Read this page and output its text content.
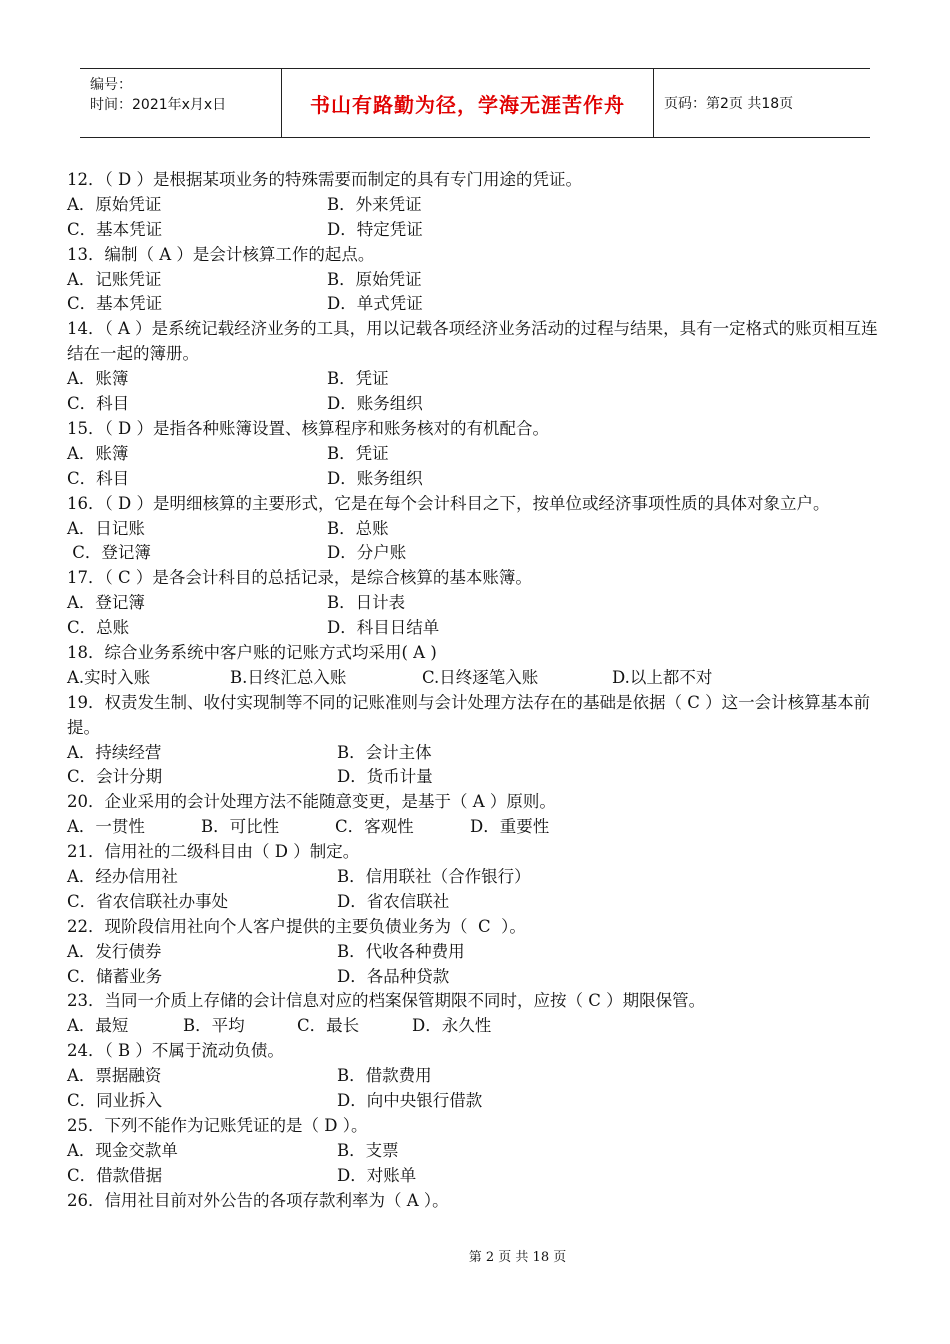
编号：
时间：2021年x月x日	书山有路勤为径，学海无涯苦作舟	页码：第2页 共18页
12．（ D ）是根据某项业务的特殊需要而制定的具有专门用途的凭证。
A．原始凭证	B．外来凭证
C．基本凭证	D．特定凭证
13．编制（ A ）是会计核算工作的起点。
A．记账凭证	B．原始凭证
C．基本凭证	D．单式凭证
14．（ A ）是系统记载经济业务的工具，用以记载各项经济业务活动的过程与结果，具有一定格式的账页相互连结在一起的簿册。
A．账簿	B．凭证
C．科目	D．账务组织
15．（ D ）是指各种账簿设置、核算程序和账务核对的有机配合。
A．账簿	B．凭证
C．科目	D．账务组织
16．（ D ）是明细核算的主要形式，它是在每个会计科目之下，按单位或经济事项性质的具体对象立户。
A．日记账	B．总账
C．登记簿	D．分户账
17．（ C ）是各会计科目的总括记录，是综合核算的基本账簿。
A．登记簿	B．日计表
C．总账	D．科目日结单
18．综合业务系统中客户账的记账方式均采用( A )
A.实时入账	B.日终汇总入账	C.日终逐笔入账	D.以上都不对
19．权责发生制、收付实现制等不同的记账准则与会计处理方法存在的基础是依据（ C ）这一会计核算基本前提。
A．持续经营	B．会计主体
C．会计分期	D．货币计量
20．企业采用的会计处理方法不能随意变更，是基于（ A ）原则。
A．一贯性	B．可比性	C．客观性	D．重要性
21．信用社的二级科目由（ D ）制定。
A．经办信用社	B．信用联社（合作银行）
C．省农信联社办事处	D．省农信联社
22．现阶段信用社向个人客户提供的主要负债业务为（  C  ）。
A．发行债券	B．代收各种费用
C．储蓄业务	D．各品种贷款
23．当同一介质上存储的会计信息对应的档案保管期限不同时，应按（ C ）期限保管。
A．最短	B．平均	C．最长	D．永久性
24．（ B ）不属于流动负债。
A．票据融资	B．借款费用
C．同业拆入	D．向中央银行借款
25．下列不能作为记账凭证的是（ D ）。
A．现金交款单	B．支票
C．借款借据	D．对账单
26．信用社目前对外公告的各项存款利率为（ A ）。
第 2 页 共 18 页
